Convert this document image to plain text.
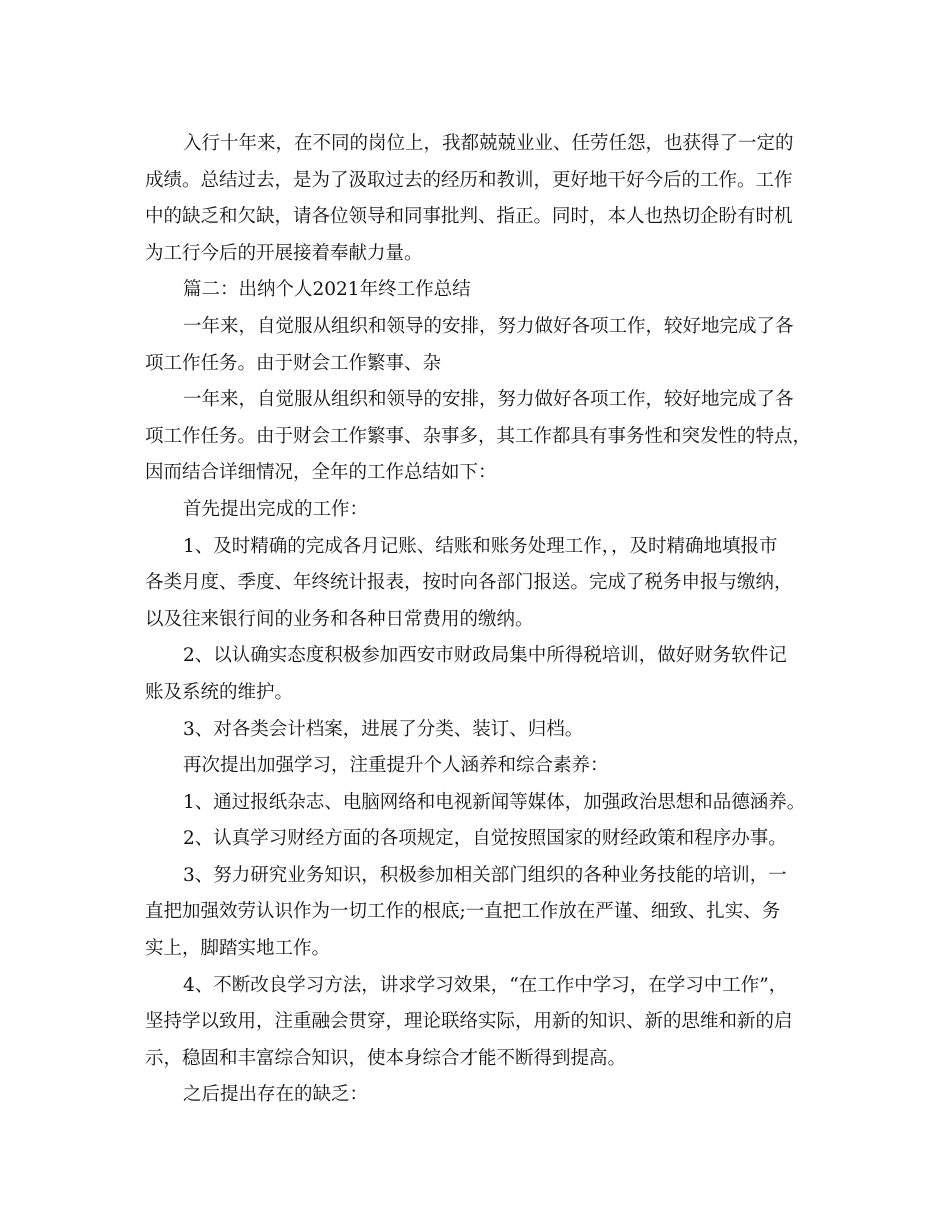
入行十年来，在不同的岗位上，我都兢兢业业、任劳任怨，也获得了一定的
成绩。总结过去，是为了汲取过去的经历和教训，更好地干好今后的工作。工作
中的缺乏和欠缺，请各位领导和同事批判、指正。同时，本人也热切企盼有时机
为工行今后的开展接着奉献力量。
篇二：出纳个人2021年终工作总结
一年来，自觉服从组织和领导的安排，努力做好各项工作，较好地完成了各
项工作任务。由于财会工作繁事、杂
一年来，自觉服从组织和领导的安排，努力做好各项工作，较好地完成了各
项工作任务。由于财会工作繁事、杂事多，其工作都具有事务性和突发性的特点，
因而结合详细情况，全年的工作总结如下：
首先提出完成的工作：
1、及时精确的完成各月记账、结账和账务处理工作，，及时精确地填报市
各类月度、季度、年终统计报表，按时向各部门报送。完成了税务申报与缴纳，
以及往来银行间的业务和各种日常费用的缴纳。
2、以认确实态度积极参加西安市财政局集中所得税培训，做好财务软件记
账及系统的维护。
3、对各类会计档案，进展了分类、装订、归档。
再次提出加强学习，注重提升个人涵养和综合素养：
1、通过报纸杂志、电脑网络和电视新闻等媒体，加强政治思想和品德涵养。
2、认真学习财经方面的各项规定，自觉按照国家的财经政策和程序办事。
3、努力研究业务知识，积极参加相关部门组织的各种业务技能的培训，一
直把加强效劳认识作为一切工作的根底;一直把工作放在严谨、细致、扎实、务
实上，脚踏实地工作。
4、不断改良学习方法，讲求学习效果，“在工作中学习，在学习中工作”，
坚持学以致用，注重融会贯穿，理论联络实际，用新的知识、新的思维和新的启
示，稳固和丰富综合知识，使本身综合才能不断得到提高。
之后提出存在的缺乏：
